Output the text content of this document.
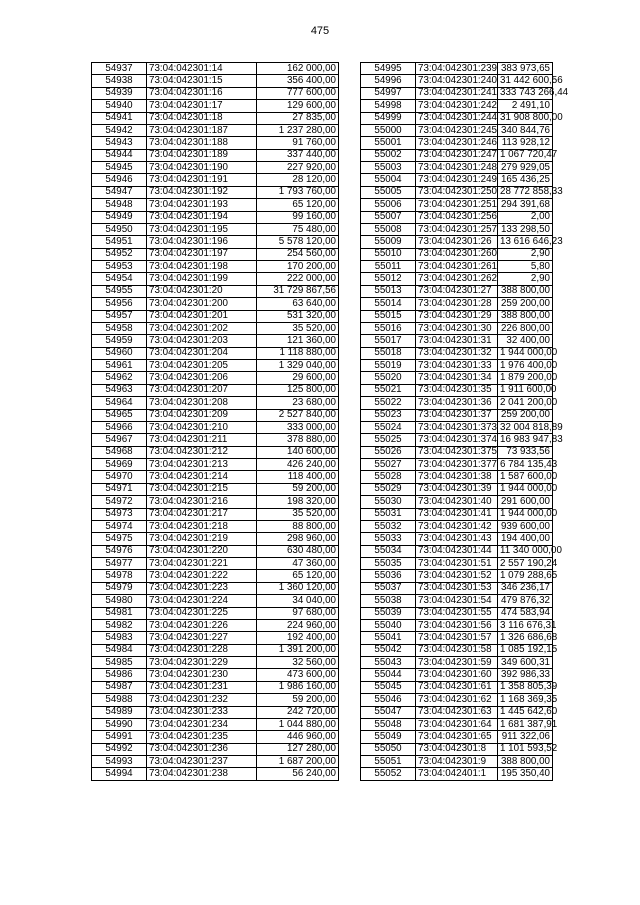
475
54937	73:04:042301:14	162 000,00
54938	73:04:042301:15	356 400,00
54939	73:04:042301:16	777 600,00
54940	73:04:042301:17	129 600,00
54941	73:04:042301:18	27 835,00
54942	73:04:042301:187	1 237 280,00
54943	73:04:042301:188	91 760,00
54944	73:04:042301:189	337 440,00
54945	73:04:042301:190	227 920,00
54946	73:04:042301:191	28 120,00
54947	73:04:042301:192	1 793 760,00
54948	73:04:042301:193	65 120,00
54949	73:04:042301:194	99 160,00
54950	73:04:042301:195	75 480,00
54951	73:04:042301:196	5 578 120,00
54952	73:04:042301:197	254 560,00
54953	73:04:042301:198	170 200,00
54954	73:04:042301:199	222 000,00
54955	73:04:042301:20	31 729 867,56
54956	73:04:042301:200	63 640,00
54957	73:04:042301:201	531 320,00
54958	73:04:042301:202	35 520,00
54959	73:04:042301:203	121 360,00
54960	73:04:042301:204	1 118 880,00
54961	73:04:042301:205	1 329 040,00
54962	73:04:042301:206	29 600,00
54963	73:04:042301:207	125 800,00
54964	73:04:042301:208	23 680,00
54965	73:04:042301:209	2 527 840,00
54966	73:04:042301:210	333 000,00
54967	73:04:042301:211	378 880,00
54968	73:04:042301:212	140 600,00
54969	73:04:042301:213	426 240,00
54970	73:04:042301:214	118 400,00
54971	73:04:042301:215	59 200,00
54972	73:04:042301:216	198 320,00
54973	73:04:042301:217	35 520,00
54974	73:04:042301:218	88 800,00
54975	73:04:042301:219	298 960,00
54976	73:04:042301:220	630 480,00
54977	73:04:042301:221	47 360,00
54978	73:04:042301:222	65 120,00
54979	73:04:042301:223	1 360 120,00
54980	73:04:042301:224	34 040,00
54981	73:04:042301:225	97 680,00
54982	73:04:042301:226	224 960,00
54983	73:04:042301:227	192 400,00
54984	73:04:042301:228	1 391 200,00
54985	73:04:042301:229	32 560,00
54986	73:04:042301:230	473 600,00
54987	73:04:042301:231	1 986 160,00
54988	73:04:042301:232	59 200,00
54989	73:04:042301:233	242 720,00
54990	73:04:042301:234	1 044 880,00
54991	73:04:042301:235	446 960,00
54992	73:04:042301:236	127 280,00
54993	73:04:042301:237	1 687 200,00
54994	73:04:042301:238	56 240,00
54995	73:04:042301:239	383 973,65
54996	73:04:042301:240	31 442 600,56
54997	73:04:042301:241	333 743 266,44
54998	73:04:042301:242	2 491,10
54999	73:04:042301:244	31 908 800,00
55000	73:04:042301:245	340 844,76
55001	73:04:042301:246	113 928,12
55002	73:04:042301:247	1 067 720,47
55003	73:04:042301:248	279 929,05
55004	73:04:042301:249	165 436,25
55005	73:04:042301:250	28 772 858,33
55006	73:04:042301:251	294 391,68
55007	73:04:042301:256	2,00
55008	73:04:042301:257	133 298,50
55009	73:04:042301:26	13 616 646,23
55010	73:04:042301:260	2,90
55011	73:04:042301:261	5,80
55012	73:04:042301:262	2,90
55013	73:04:042301:27	388 800,00
55014	73:04:042301:28	259 200,00
55015	73:04:042301:29	388 800,00
55016	73:04:042301:30	226 800,00
55017	73:04:042301:31	32 400,00
55018	73:04:042301:32	1 944 000,00
55019	73:04:042301:33	1 976 400,00
55020	73:04:042301:34	1 879 200,00
55021	73:04:042301:35	1 911 600,00
55022	73:04:042301:36	2 041 200,00
55023	73:04:042301:37	259 200,00
55024	73:04:042301:373	32 004 818,89
55025	73:04:042301:374	16 983 947,83
55026	73:04:042301:375	73 933,56
55027	73:04:042301:377	6 784 135,43
55028	73:04:042301:38	1 587 600,00
55029	73:04:042301:39	1 944 000,00
55030	73:04:042301:40	291 600,00
55031	73:04:042301:41	1 944 000,00
55032	73:04:042301:42	939 600,00
55033	73:04:042301:43	194 400,00
55034	73:04:042301:44	11 340 000,00
55035	73:04:042301:51	2 557 190,24
55036	73:04:042301:52	1 079 288,65
55037	73:04:042301:53	346 236,17
55038	73:04:042301:54	479 876,32
55039	73:04:042301:55	474 583,94
55040	73:04:042301:56	3 116 676,31
55041	73:04:042301:57	1 326 686,68
55042	73:04:042301:58	1 085 192,15
55043	73:04:042301:59	349 600,31
55044	73:04:042301:60	392 986,33
55045	73:04:042301:61	1 358 805,39
55046	73:04:042301:62	1 168 369,35
55047	73:04:042301:63	1 445 642,60
55048	73:04:042301:64	1 681 387,91
55049	73:04:042301:65	911 322,06
55050	73:04:042301:8	1 101 593,52
55051	73:04:042301:9	388 800,00
55052	73:04:042401:1	195 350,40
